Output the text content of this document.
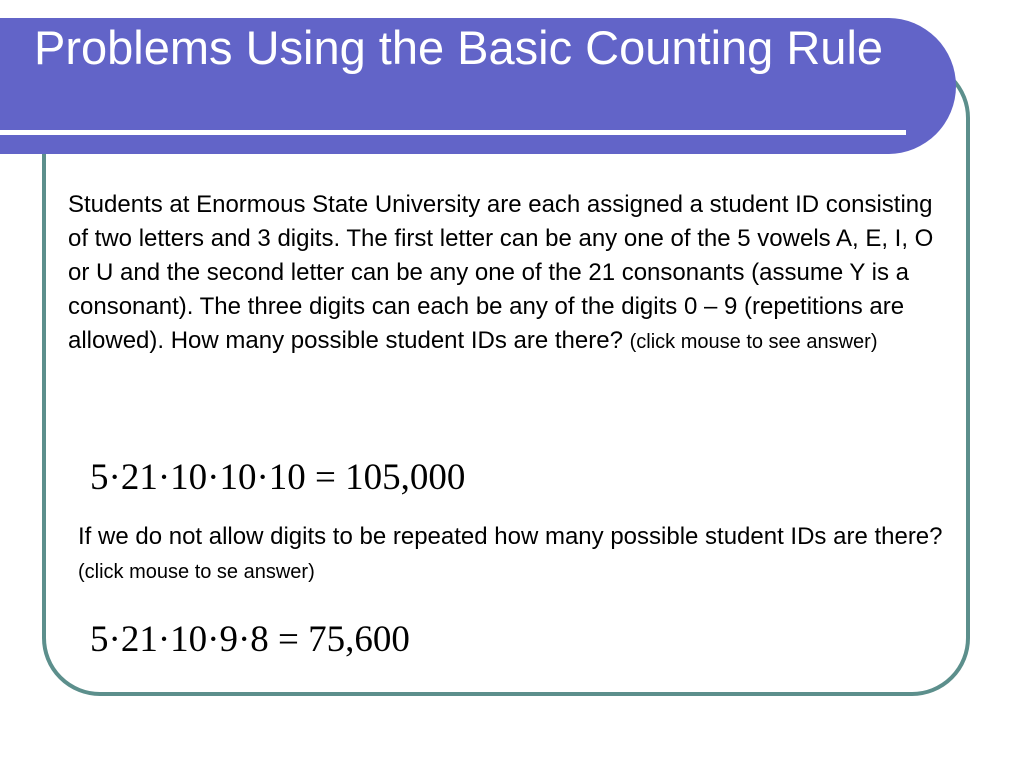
Problems Using the Basic Counting Rule

Students at Enormous State University are each assigned a student ID consisting of two letters and 3 digits. The first letter can be any one of the 5 vowels A, E, I, O or U and the second letter can be any one of the 21 consonants (assume Y is a consonant). The three digits can each be any of the digits 0 – 9 (repetitions are allowed). How many possible student IDs are there? (click mouse to see answer)

5·21·10·10·10 = 105,000

If we do not allow digits to be repeated how many possible student IDs are there? (click mouse to se answer)

5·21·10·9·8 = 75,600
